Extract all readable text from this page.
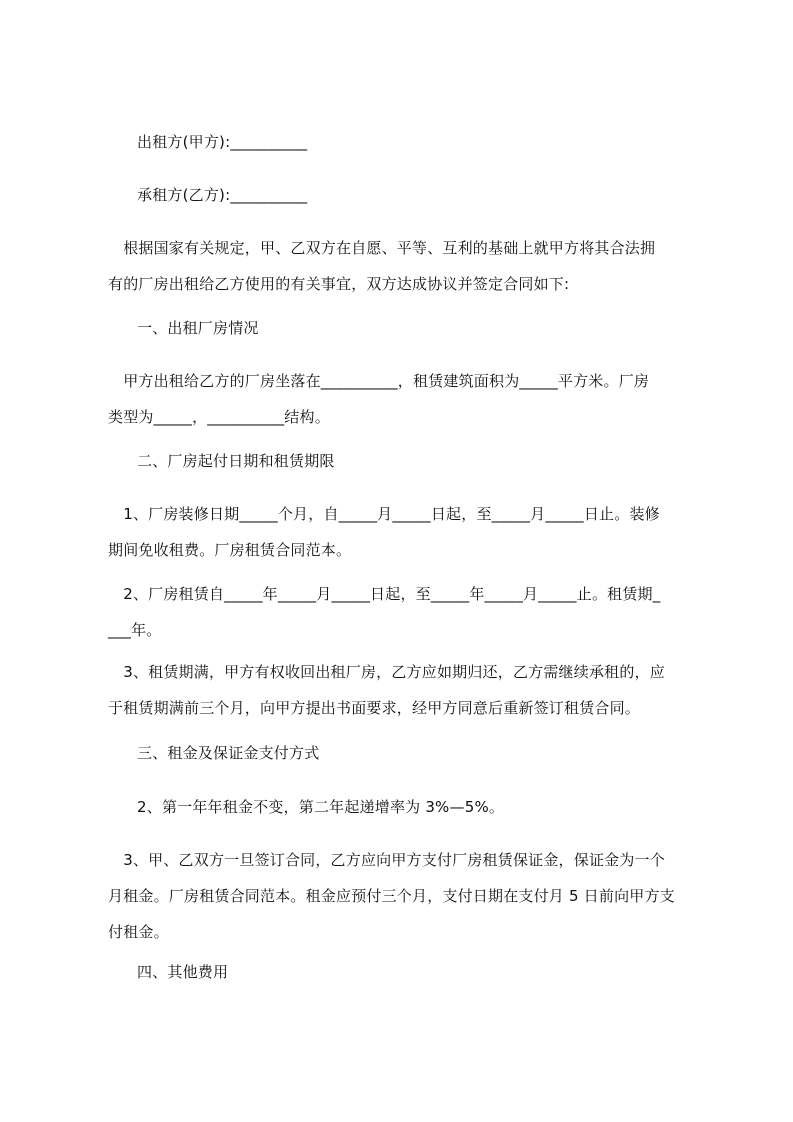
出租方(甲方):__________
承租方(乙方):__________
　根据国家有关规定，甲、乙双方在自愿、平等、互利的基础上就甲方将其合法拥
有的厂房出租给乙方使用的有关事宜，双方达成协议并签定合同如下:
一、出租厂房情况
　甲方出租给乙方的厂房坐落在__________，租赁建筑面积为_____平方米。厂房
类型为_____，__________结构。
二、厂房起付日期和租赁期限
　1、厂房装修日期_____个月，自_____月_____日起，至_____月_____日止。装修
期间免收租费。厂房租赁合同范本。
　2、厂房租赁自_____年_____月_____日起，至_____年_____月_____止。租赁期_
___年。
　3、租赁期满，甲方有权收回出租厂房，乙方应如期归还，乙方需继续承租的，应
于租赁期满前三个月，向甲方提出书面要求，经甲方同意后重新签订租赁合同。
三、租金及保证金支付方式
2、第一年年租金不变，第二年起递增率为 3%—5%。
　3、甲、乙双方一旦签订合同，乙方应向甲方支付厂房租赁保证金，保证金为一个
月租金。厂房租赁合同范本。租金应预付三个月，支付日期在支付月 5 日前向甲方支
付租金。
四、其他费用
